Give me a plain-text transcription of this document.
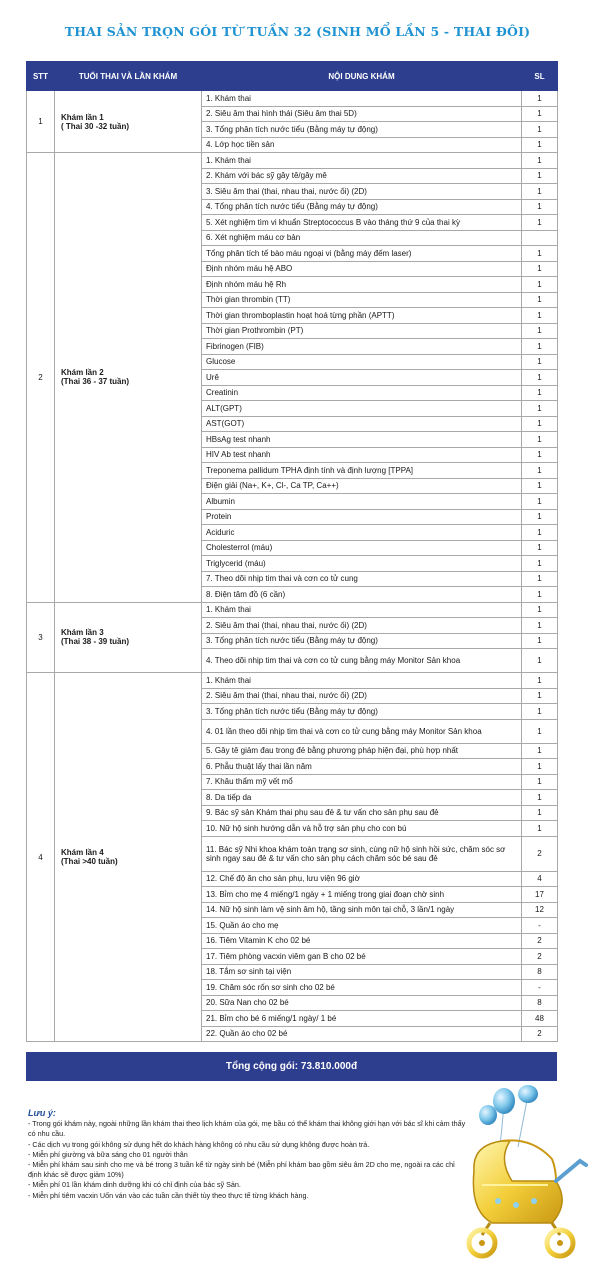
THAI SẢN TRỌN GÓI TỪ TUẦN 32 (SINH MỔ LẦN 5 - THAI ĐÔI)
STT	TUỔI THAI VÀ LẦN KHÁM	NỘI DUNG KHÁM	SL
1	Khám lần 1
( Thai 30 -32 tuần)	1. Khám thai	1
		2. Siêu âm thai hình thái (Siêu âm thai 5D)	1
		3. Tổng phân tích nước tiểu (Bằng máy tự động)	1
		4. Lớp học tiền sản	1
2	Khám lần 2
(Thai 36 - 37 tuần)	1. Khám thai	1
		2. Khám với bác sỹ gây tê/gây mê	1
		3. Siêu âm thai (thai, nhau thai, nước ối) (2D)	1
		4. Tổng phân tích nước tiểu (Bằng máy tự động)	1
		5. Xét nghiệm tìm vi khuẩn Streptococcus B vào tháng thứ 9 của thai kỳ	1
		6. Xét nghiệm máu cơ bản	
		Tổng phân tích tế bào máu ngoại vi (bằng máy đếm laser)	1
		Định nhóm máu hệ ABO	1
		Định nhóm máu hệ Rh	1
		Thời gian thrombin (TT)	1
		Thời gian thromboplastin hoạt hoá từng phần (APTT)	1
		Thời gian Prothrombin (PT)	1
		Fibrinogen (FIB)	1
		Glucose	1
		Urê	1
		Creatinin	1
		ALT(GPT)	1
		AST(GOT)	1
		HBsAg test nhanh	1
		HIV Ab test nhanh	1
		Treponema pallidum TPHA định tính và định lượng [TPPA]	1
		Điện giải (Na+, K+, Cl-, Ca TP, Ca++)	1
		Albumin	1
		Protein	1
		Aciduric	1
		Cholesterrol (máu)	1
		Triglycerid (máu)	1
		7. Theo dõi nhịp tim thai và cơn co tử cung	1
		8. Điện tâm đồ (6 cần)	1
3	Khám lần 3
(Thai 38 - 39 tuần)	1. Khám thai	1
		2. Siêu âm thai (thai, nhau thai, nước ối) (2D)	1
		3. Tổng phân tích nước tiểu (Bằng máy tự động)	1
		4. Theo dõi nhịp tim thai và cơn co tử cung bằng máy Monitor Sản khoa	1
4	Khám lần 4
(Thai >40 tuần)	1. Khám thai	1
		2. Siêu âm thai (thai, nhau thai, nước ối) (2D)	1
		3. Tổng phân tích nước tiểu (Bằng máy tự động)	1
		4. 01 lần theo dõi nhịp tim thai và cơn co tử cung bằng máy Monitor Sản khoa	1
		5. Gây tê giảm đau trong đẻ bằng phương pháp hiện đại, phù hợp nhất	1
		6. Phẫu thuật lấy thai lần năm	1
		7. Khâu thẩm mỹ vết mổ	1
		8. Da tiếp da	1
		9. Bác sỹ sản Khám thai phụ sau đẻ & tư vấn cho sản phụ sau đẻ	1
		10. Nữ hộ sinh hướng dẫn và hỗ trợ sản phụ cho con bú	1
		11. Bác sỹ Nhi khoa khám toàn trạng sơ sinh, cùng nữ hộ sinh hồi sức, chăm sóc sơ sinh ngay sau đẻ & tư vấn cho sản phụ cách chăm sóc bé sau đẻ	2
		12. Chế độ ăn cho sản phụ, lưu viện 96 giờ	4
		13. Bỉm cho mẹ 4 miếng/1 ngày + 1 miếng trong giai đoạn chờ sinh	17
		14. Nữ hộ sinh làm vệ sinh âm hộ, tầng sinh môn tại chỗ, 3 lần/1 ngày	12
		15. Quần áo cho mẹ	-
		16. Tiêm Vitamin K cho 02 bé	2
		17. Tiêm phòng vacxin viêm gan B cho 02 bé	2
		18. Tắm sơ sinh tại viện	8
		19. Chăm sóc rốn sơ sinh cho 02 bé	-
		20. Sữa Nan cho 02 bé	8
		21. Bỉm cho bé 6 miếng/1 ngày/ 1 bé	48
		22. Quần áo cho 02 bé	2
Tổng cộng gói: 73.810.000đ
Lưu ý:

- Trong gói khám này, ngoài những lần khám thai theo lịch khám của gói, mẹ bầu có thể khám thai không giới hạn với bác sĩ khi cảm thấy có nhu cầu.

- Các dịch vụ trong gói không sử dụng hết do khách hàng không có nhu cầu sử dụng không được hoàn trả.

- Miễn phí giường và bữa sáng cho 01 người thân

- Miễn phí khám sau sinh cho mẹ và bé trong 3 tuần kể từ ngày sinh bé (Miễn phí khám bao gồm siêu âm 2D cho mẹ, ngoài ra các chỉ định khác sẽ được giảm 10%)

- Miễn phí 01 lần khám dinh dưỡng khi có chỉ định của bác sỹ Sản.

- Miễn phí tiêm vacxin Uốn ván vào các tuần cần thiết tùy theo thực tế từng khách hàng.
